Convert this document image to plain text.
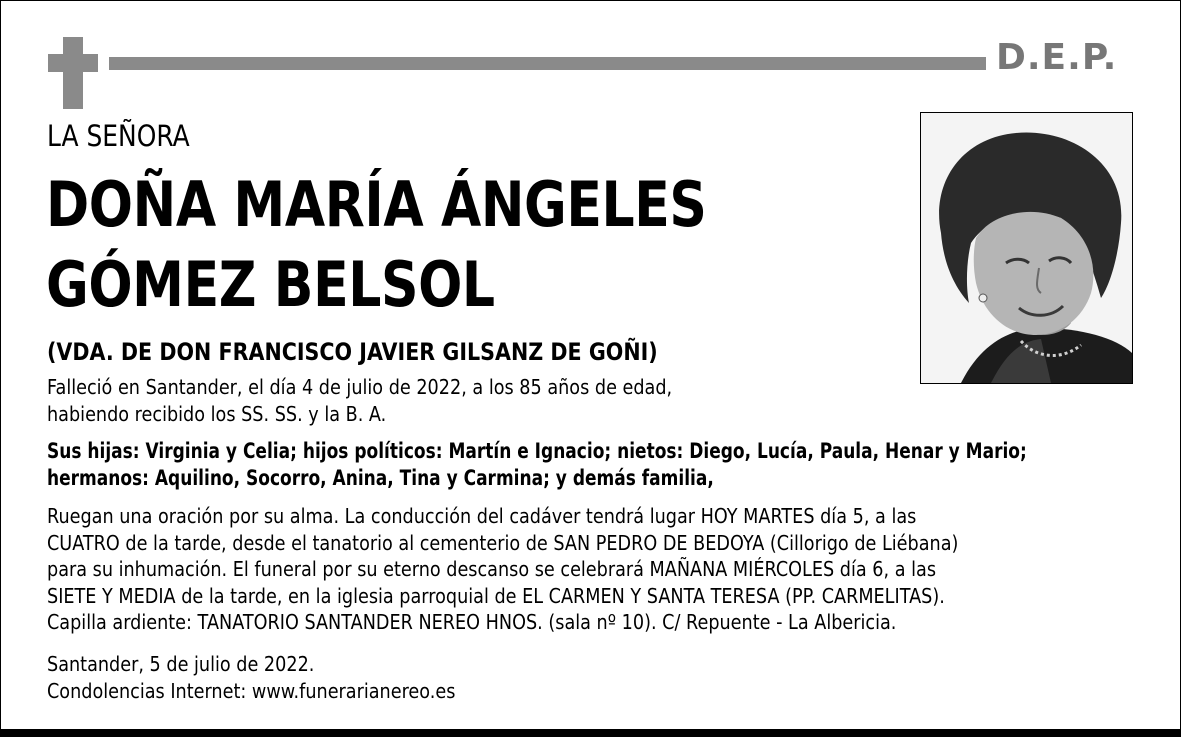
D.E.P.
LA SEÑORA
DOÑA MARÍA ÁNGELES
GÓMEZ BELSOL
(VDA. DE DON FRANCISCO JAVIER GILSANZ DE GOÑI)
Falleció en Santander, el día 4 de julio de 2022, a los 85 años de edad,
habiendo recibido los SS. SS. y la B. A.
Sus hijas: Virginia y Celia; hijos políticos: Martín e Ignacio; nietos: Diego, Lucía, Paula, Henar y Mario;
hermanos: Aquilino, Socorro, Anina, Tina y Carmina; y demás familia,
Ruegan una oración por su alma. La conducción del cadáver tendrá lugar HOY MARTES día 5, a las
CUATRO de la tarde, desde el tanatorio al cementerio de SAN PEDRO DE BEDOYA (Cillorigo de Liébana)
para su inhumación. El funeral por su eterno descanso se celebrará MAÑANA MIÉRCOLES día 6, a las
SIETE Y MEDIA de la tarde, en la iglesia parroquial de EL CARMEN Y SANTA TERESA (PP. CARMELITAS).
Capilla ardiente: TANATORIO SANTANDER NEREO HNOS. (sala nº 10). C/ Repuente - La Albericia.
Santander, 5 de julio de 2022.
Condolencias Internet: www.funerarianereo.es
